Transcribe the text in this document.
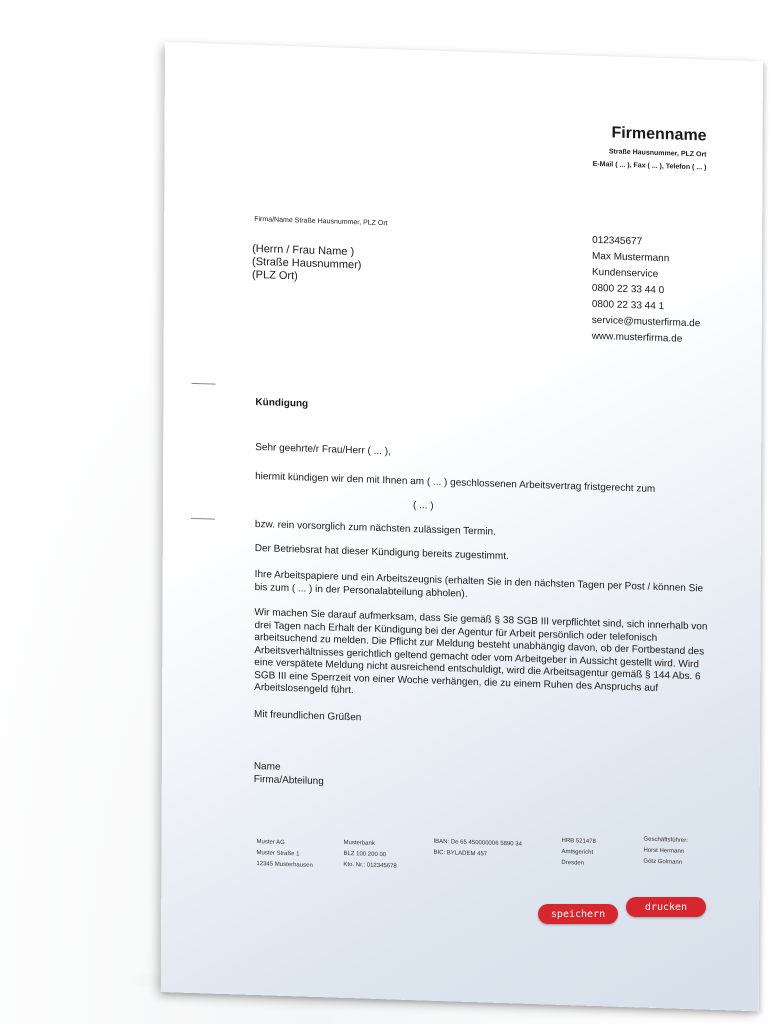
Firmenname
Straße Hausnummer, PLZ Ort
E-Mail ( ... ), Fax ( ... ), Telefon ( ... )
Firma/Name Straße Hausnummer, PLZ Ort
(Herrn / Frau Name )
(Straße Hausnummer)
(PLZ Ort)
012345677
Max Mustermann
Kundenservice
0800 22 33 44 0
0800 22 33 44 1
service@musterfirma.de
www.musterfirma.de
Kündigung
Sehr geehrte/r Frau/Herr ( ... ),
hiermit kündigen wir den mit Ihnen am ( ... ) geschlossenen Arbeitsvertrag fristgerecht zum
( ... )
bzw. rein vorsorglich zum nächsten zulässigen Termin.
Der Betriebsrat hat dieser Kündigung bereits zugestimmt.
Ihre Arbeitspapiere und ein Arbeitszeugnis (erhalten Sie in den nächsten Tagen per Post / können Sie bis zum ( ... ) in der Personalabteilung abholen).
Wir machen Sie darauf aufmerksam, dass Sie gemäß § 38 SGB III verpflichtet sind, sich innerhalb von drei Tagen nach Erhalt der Kündigung bei der Agentur für Arbeit persönlich oder telefonisch arbeitsuchend zu melden. Die Pflicht zur Meldung besteht unabhängig davon, ob der Fortbestand des Arbeitsverhältnisses gerichtlich geltend gemacht oder vom Arbeitgeber in Aussicht gestellt wird. Wird eine verspätete Meldung nicht ausreichend entschuldigt, wird die Arbeitsagentur gemäß § 144 Abs. 6 SGB III eine Sperrzeit von einer Woche verhängen, die zu einem Ruhen des Anspruchs auf Arbeitslosengeld führt.
Mit freundlichen Grüßen
Name
Firma/Abteilung
Muster AG
Muster Straße 1
12345 Musterhausen
Musterbank
BLZ 100 200 00
Kto. Nr.: 012345678
IBAN: De 65 450000006 5890 34
BIC: BYLADEM 457
HRB 521478
Amtsgericht
Dresden
Geschäftsführer:
Horst Hermann
Götz Golmann
speichern
drucken
